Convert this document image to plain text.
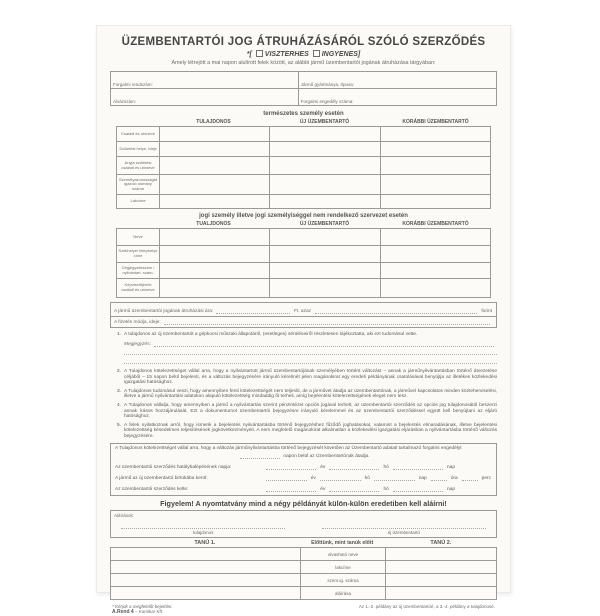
ÜZEMBENTARTÓI JOG ÁTRUHÁZÁSÁRÓL SZÓLÓ SZERZŐDÉS
*[ VISZTERHES INGYENES]
Amely létrejött a mai napon alulírott felek között, az alábbi jármű üzembentartói jogának átruházása tárgyában:
Forgalmi rendszám:	Jármű gyártmánya, típusa:
Alvázszám:	Forgalmi engedély száma:
természetes személy esetén
TULAJDONOS	ÚJ ÜZEMBENTARTÓ	KORÁBBI ÜZEMBENTARTÓ
Családi és utóneve
Születési helye, ideje
Anyja születési családi és utóneve
Személyazonosságát igazoló okmány száma
Lakcíme
jogi személy illetve jogi személyiséggel nem rendelkező szervezet esetén
TUALJDONOS	ÚJ ÜZEMBENTARTÓ	KORÁBBI ÜZEMBENTARTÓ
Neve
Székhelye/ telephelye címe
Cégjegyzékszám / nyilvántart. szám:
Képviselőjének családi és utóneve
A jármű üzembentartói jogának átruházási ára:	Ft, azaz	forint
A fizetés módja, ideje:
1. A tulajdonos az új üzembentartót a gépkocsi műszaki állapotáról, (esetleges) sérüléseiről részletesen tájékoztatta, aki ezt tudomásul vette.
Megjegyzés:
2. A Tulajdonos kötelezettséget vállal arra, hogy a nyilvántartott jármű üzembentartójának személyében történt változást – annak a járműnyilvántartásban történő átvezetése céljából – 15 napon belül bejelenti, és a változás bejegyzésére irányuló kérelmét jelen magánokirat egy eredeti példányának csatolásával benyújtja az illetékes közlekedési igazgatási hatósághoz.
3. A Tulajdonos tudomásul veszi, hogy amennyiben fenti kötelezettségét nem teljesíti, de a járművet átadja az üzembentartónak, a járművel kapcsolatos minden közteherviselési, illetve a jármű nyilvántartási adatokon alapuló kötelezettség mindaddig őt terheli, amíg bejelentési kötelezettségének eleget nem tesz.
4. A Tulajdonos vállalja, hogy amennyiben a jármű a nyilvántartás szerint pénzintézet opciós jogával terhelt, az üzembentartói szerződés az opciós jog tulajdonosától beszerzi annak írásos hozzájárulását. Ezt a dokumentumot üzembentartói bejegyzésre irányuló kérelemmel és az üzembentartói szerződéssel együtt kell benyújtani az eljáró hatósághoz.
5. A felek nyilatkoznak arról, hogy ismerik a bejelentés nyilvántartásba történő bejegyzéshez fűződő joghatásokat, valamint a bejelentés elmaradásának, illetve bejelentési kötelezettség késedelmes teljesítésének jogkövetkezményeit. A nem megfelelő magánokirat alkalmatlan a közlekedési igazgatási eljárásban a nyilvántartásba történő változás bejegyzésére.
A Tulajdonos kötelezettséget vállal arra, hogy a változás járműnyilvántartásba történő bejegyzését követően az Üzembentartó adatait tartalmazó forgalmi engedélyt
napon belül az Üzembentartónak átadja.
Az üzembentartói szerződés hatálybalépésének napja:	év	hó	nap
A jármű az új üzembentartó birtokába kerül:	év	hó	nap	óra	perc
Az üzembentartói szerződés kelte:	év	hó	nap
Figyelem! A nyomtatvány mind a négy példányát külön-külön eredetiben kell aláírni!
Aláírások:
tulajdonos	új üzembentartó
TANÚ 1.	Előttünk, mint tanúk előtt	TANÚ 2.
olvasható neve
lakcíme
szem.ig. száma
aláírása
* Kérjük a megfelelőt bejelölni.
A.Rend 4 – Kamikar Kft.
Az 1.-2. példány az új üzembentartóé, a 3.-4. példány a tulajdonosé.
